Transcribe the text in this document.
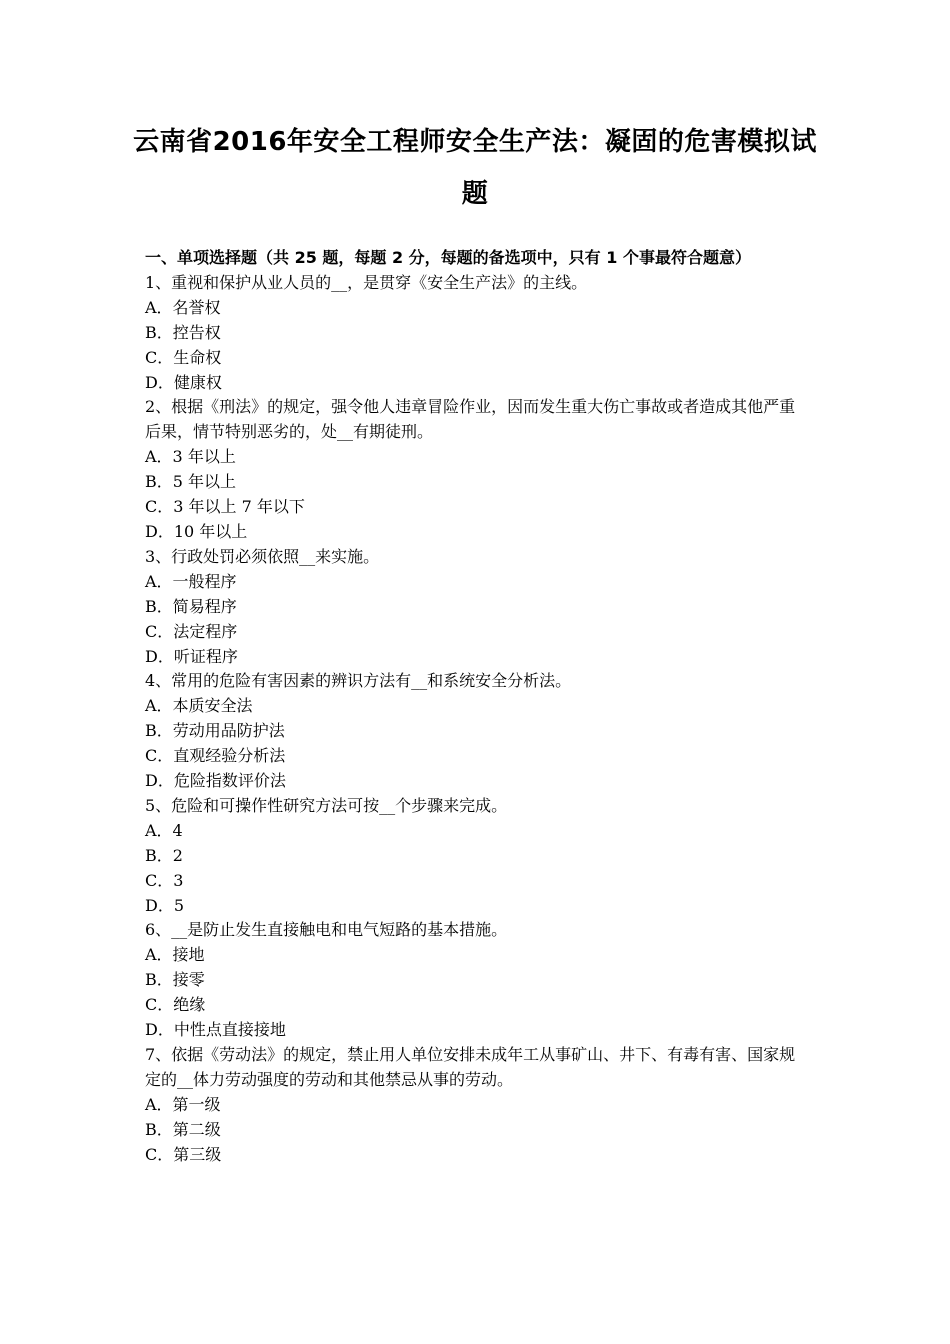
云南省2016年安全工程师安全生产法：凝固的危害模拟试题
一、单项选择题（共 25 题，每题 2 分，每题的备选项中，只有 1 个事最符合题意）
1、重视和保护从业人员的__，是贯穿《安全生产法》的主线。
A．名誉权
B．控告权
C．生命权
D．健康权
2、根据《刑法》的规定，强令他人违章冒险作业，因而发生重大伤亡事故或者造成其他严重后果，情节特别恶劣的，处__有期徒刑。
A．3 年以上
B．5 年以上
C．3 年以上 7 年以下
D．10 年以上
3、行政处罚必须依照__来实施。
A．一般程序
B．简易程序
C．法定程序
D．听证程序
4、常用的危险有害因素的辨识方法有__和系统安全分析法。
A．本质安全法
B．劳动用品防护法
C．直观经验分析法
D．危险指数评价法
5、危险和可操作性研究方法可按__个步骤来完成。
A．4
B．2
C．3
D．5
6、__是防止发生直接触电和电气短路的基本措施。
A．接地
B．接零
C．绝缘
D．中性点直接接地
7、依据《劳动法》的规定，禁止用人单位安排未成年工从事矿山、井下、有毒有害、国家规定的__体力劳动强度的劳动和其他禁忌从事的劳动。
A．第一级
B．第二级
C．第三级
